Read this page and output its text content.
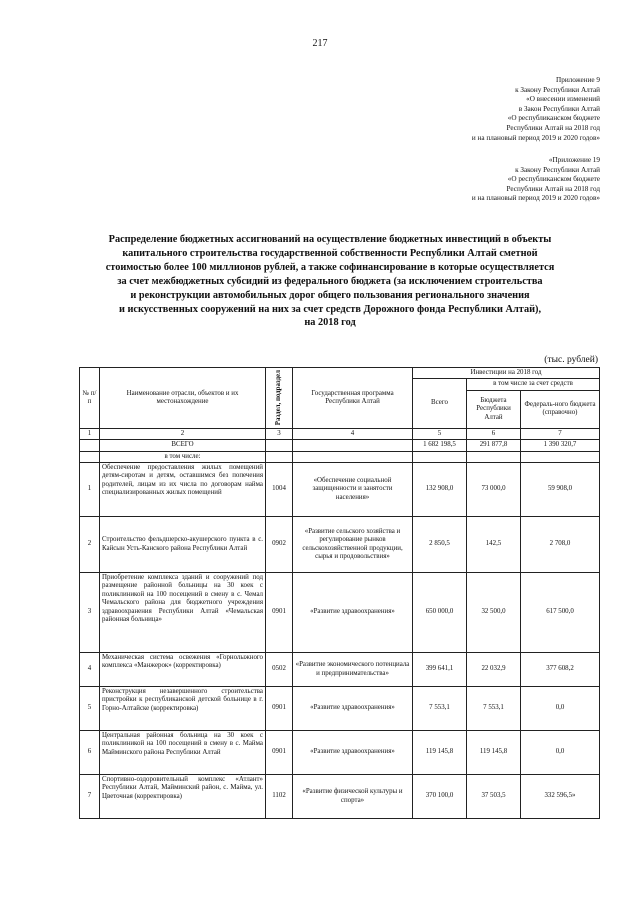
217
Приложение 9
к Закону Республики Алтай
«О внесении изменений
в Закон Республики Алтай
«О республиканском бюджете
Республики Алтай на 2018 год
и на плановый период 2019 и 2020 годов»
«Приложение 19
к Закону Республики Алтай
«О республиканском бюджете
Республики Алтай на 2018 год
и на плановый период 2019 и 2020 годов»
Распределение бюджетных ассигнований на осуществление бюджетных инвестиций в объекты
капитального строительства государственной собственности Республики Алтай сметной
стоимостью более 100 миллионов рублей, а также софинансирование в которые осуществляется
за счет межбюджетных субсидий из федерального бюджета (за исключением строительства
и реконструкции автомобильных дорог общего пользования регионального значения
и искусственных сооружений на них за счет средств Дорожного фонда Республики Алтай),
на 2018 год
(тыс. рублей)
№ п/п	Наименование отрасли, объектов и их местонахождение	Раздел, подраздел	Государственная программа Республики Алтай	Инвестиции на 2018 год		
				Всего	в том числе за счет средств	
					Бюджета Республики Алтай	Федераль-ного бюджета (справочно)
1	2	3	4	5	6	7
	ВСЕГО			1 682 198,5	291 877,8	1 390 320,7
	в том числе:					
1	Обеспечение предоставления жилых помещений детям-сиротам и детям, оставшимся без попечения родителей, лицам из их числа по договорам найма специализированных жилых помещений	1004	«Обеспечение социальной защищенности и занятости населения»	132 908,0	73 000,0	59 908,0
2	Строительство фельдшерско-акушерского пункта в с. Кайсын Усть-Канского района Республики Алтай	0902	«Развитие сельского хозяйства и регулирование рынков сельскохозяйственной продукции, сырья и продовольствия»	2 850,5	142,5	2 708,0
3	Приобретение комплекса зданий и сооружений под размещение районной больницы на 30 коек с поликлиникой на 100 посещений в смену в с. Чемал Чемальского района для бюджетного учреждения здравоохранения Республики Алтай «Чемальская районная больница»	0901	«Развитие здравоохранения»	650 000,0	32 500,0	617 500,0
4	Механическая система освежения «Горнолыжного комплекса «Манжерок» (корректировка)	0502	«Развитие экономического потенциала и предпринимательства»	399 641,1	22 032,9	377 608,2
5	Реконструкция незавершенного строительства пристройки к республиканской детской больнице в г. Горно-Алтайске (корректировка)	0901	«Развитие здравоохранения»	7 553,1	7 553,1	0,0
6	Центральная районная больница на 30 коек с поликлиникой на 100 посещений в смену в с. Майма Майминского района Республики Алтай	0901	«Развитие здравоохранения»	119 145,8	119 145,8	0,0
7	Спортивно-оздоровительный комплекс «Атлант» Республики Алтай, Майминский район, с. Майма, ул. Цветочная (корректировка)	1102	«Развитие физической культуры и спорта»	370 100,0	37 503,5	332 596,5»
